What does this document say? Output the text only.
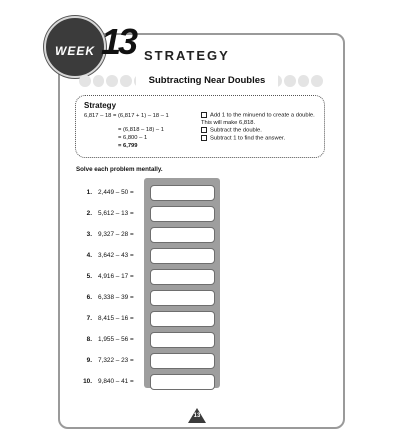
WEEK 13 STRATEGY
Subtracting Near Doubles
Strategy
6,817 – 18 = (6,817 + 1) – 18 – 1
= (6,818 – 18) – 1
= 6,800 – 1
= 6,799
Add 1 to the minuend to create a double. This will make 6,818.
Subtract the double.
Subtract 1 to find the answer.
Solve each problem mentally.
1. 2,449 – 50 =
2. 5,612 – 13 =
3. 9,327 – 28 =
4. 3,642 – 43 =
5. 4,916 – 17 =
6. 6,338 – 39 =
7. 8,415 – 16 =
8. 1,955 – 56 =
9. 7,322 – 23 =
10. 9,840 – 41 =
13
